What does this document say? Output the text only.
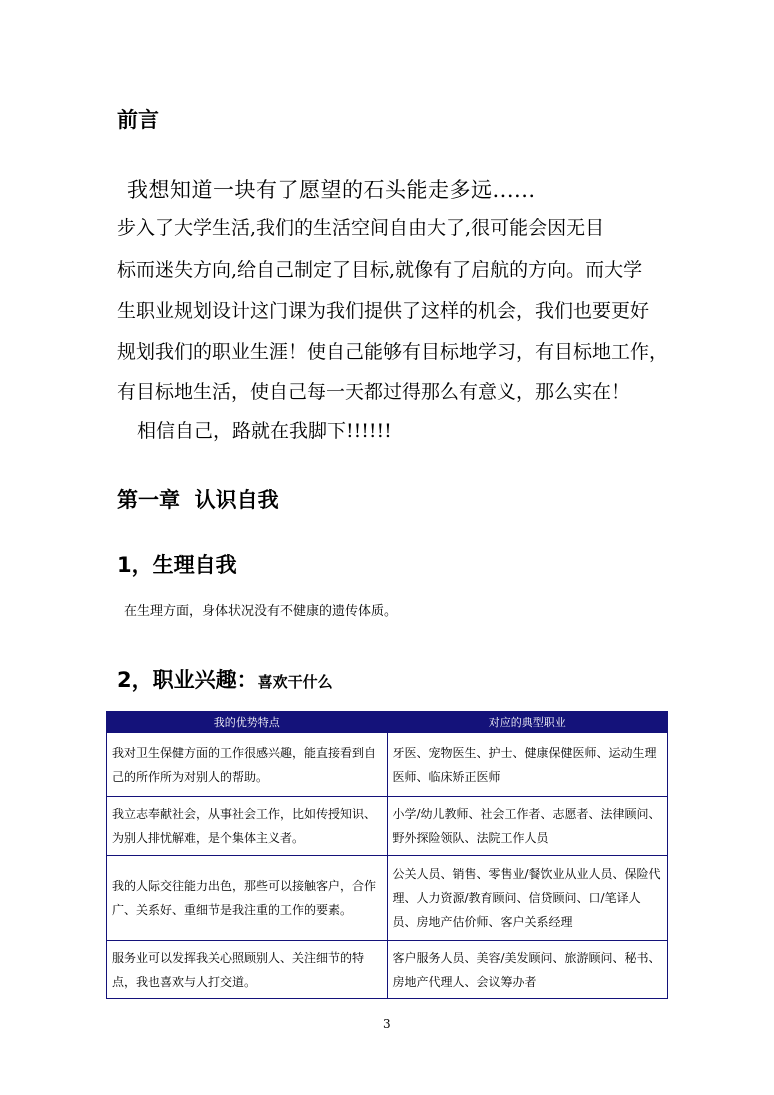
前言
我想知道一块有了愿望的石头能走多远......
步入了大学生活,我们的生活空间自由大了,很可能会因无目
标而迷失方向,给自己制定了目标,就像有了启航的方向。而大学
生职业规划设计这门课为我们提供了这样的机会，我们也要更好
规划我们的职业生涯！使自己能够有目标地学习，有目标地工作，
有目标地生活，使自己每一天都过得那么有意义，那么实在！
相信自己，路就在我脚下!!!!!!
第一章  认识自我
1，生理自我
在生理方面，身体状况没有不健康的遗传体质。
2，职业兴趣：喜欢干什么
我的优势特点	对应的典型职业
我对卫生保健方面的工作很感兴趣，能直接看到自己的所作所为对别人的帮助。	牙医、宠物医生、护士、健康保健医师、运动生理医师、临床矫正医师
我立志奉献社会，从事社会工作，比如传授知识、为别人排忧解难，是个集体主义者。	小学/幼儿教师、社会工作者、志愿者、法律顾问、野外探险领队、法院工作人员
我的人际交往能力出色，那些可以接触客户，合作广、关系好、重细节是我注重的工作的要素。	公关人员、销售、零售业/餐饮业从业人员、保险代理、人力资源/教育顾问、信贷顾问、口/笔译人员、房地产估价师、客户关系经理
服务业可以发挥我关心照顾别人、关注细节的特点，我也喜欢与人打交道。	客户服务人员、美容/美发顾问、旅游顾问、秘书、房地产代理人、会议筹办者
3
